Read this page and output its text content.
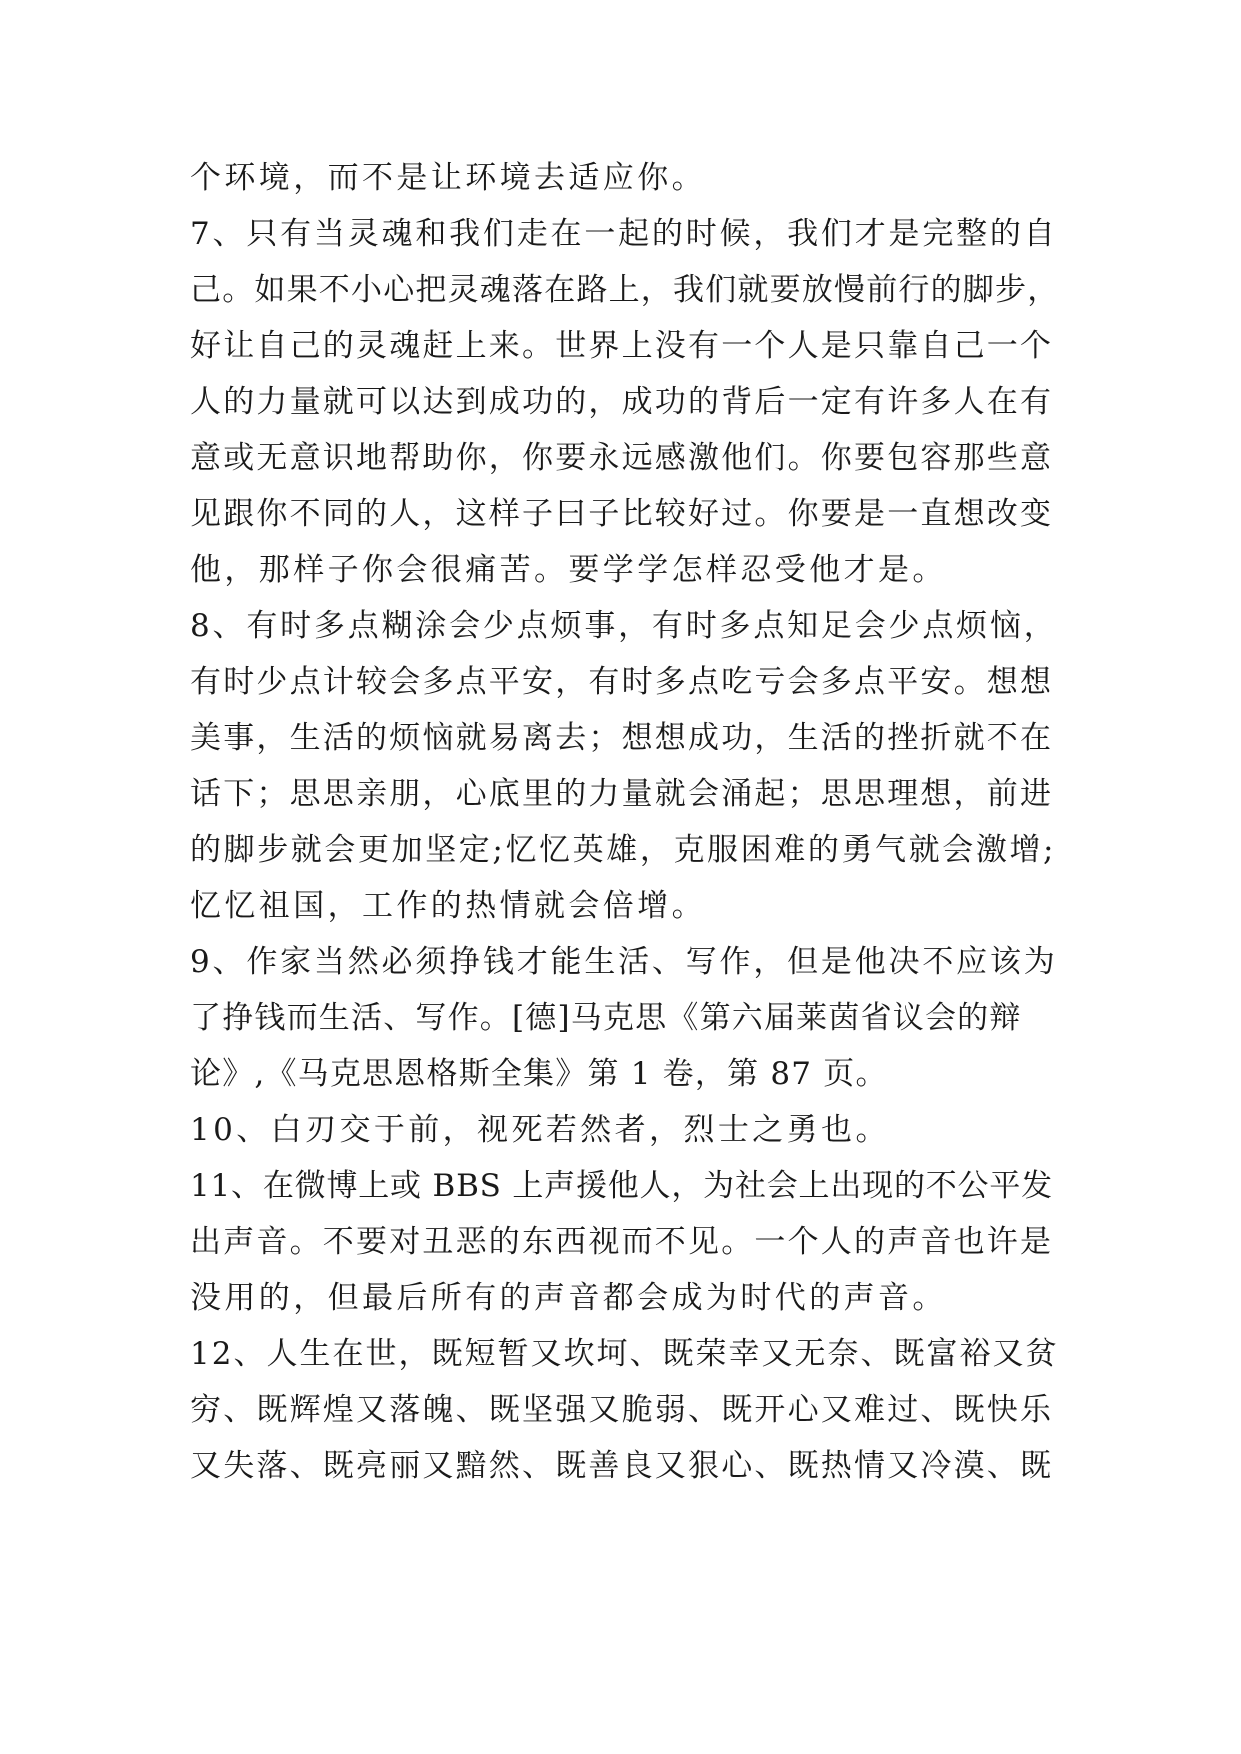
个环境，而不是让环境去适应你。
7、只有当灵魂和我们走在一起的时候，我们才是完整的自
己。如果不小心把灵魂落在路上，我们就要放慢前行的脚步，
好让自己的灵魂赶上来。世界上没有一个人是只靠自己一个
人的力量就可以达到成功的，成功的背后一定有许多人在有
意或无意识地帮助你，你要永远感激他们。你要包容那些意
见跟你不同的人，这样子曰子比较好过。你要是一直想改变
他，那样子你会很痛苦。要学学怎样忍受他才是。
8、有时多点糊涂会少点烦事，有时多点知足会少点烦恼，
有时少点计较会多点平安，有时多点吃亏会多点平安。想想
美事，生活的烦恼就易离去；想想成功，生活的挫折就不在
话下；思思亲朋，心底里的力量就会涌起；思思理想，前进
的脚步就会更加坚定;忆忆英雄，克服困难的勇气就会激增;
忆忆祖国，工作的热情就会倍增。
9、作家当然必须挣钱才能生活、写作，但是他决不应该为
了挣钱而生活、写作。[德]马克思《第六届莱茵省议会的辩
论》,《马克思恩格斯全集》第 1 卷，第 87 页。
10、白刃交于前，视死若然者，烈士之勇也。
11、在微博上或 BBS 上声援他人，为社会上出现的不公平发
出声音。不要对丑恶的东西视而不见。一个人的声音也许是
没用的，但最后所有的声音都会成为时代的声音。
12、人生在世，既短暂又坎坷、既荣幸又无奈、既富裕又贫
穷、既辉煌又落魄、既坚强又脆弱、既开心又难过、既快乐
又失落、既亮丽又黯然、既善良又狠心、既热情又冷漠、既
